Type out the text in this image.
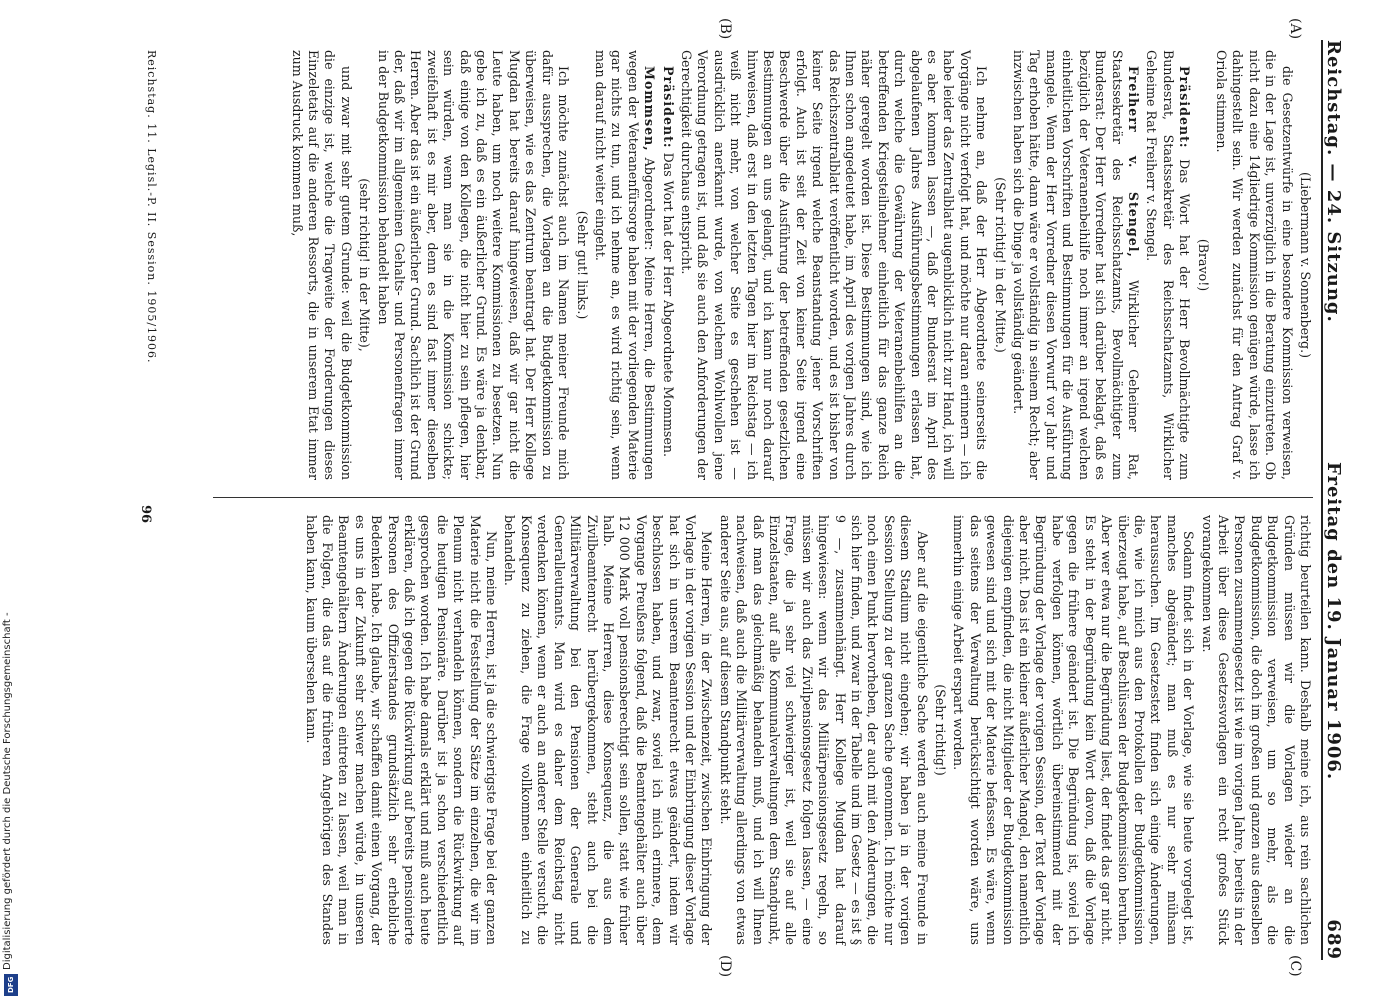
Digitalisierung gefördert durch die Deutsche Forschungsgemeinschaft -
DFG
Reichstag. — 24. Sitzung.
Freitag den 19. Januar 1906.
689
(A)
(B)
(C)
(D)

(Liebermann v. Sonnenberg.)

die Gesetzentwürfe in eine besondere Kommission verweisen, die in der Lage ist, unverzüglich in die Beratung einzutreten. Ob nicht dazu eine 14gliedrige Kommission genügen würde, lasse ich dahingestellt sein. Wir werden zunächst für den Antrag Graf v. Oriola stimmen.

(Bravo!)

Präsident: Das Wort hat der Herr Bevollmächtigte zum Bundesrat, Staatssekretär des Reichsschatzamts, Wirklicher Geheime Rat Freiherr v. Stengel.

Freiherr v. Stengel, Wirklicher Geheimer Rat, Staatssekretär des Reichsschatzamts, Bevollmächtigter zum Bundesrat: Der Herr Vorredner hat sich darüber beklagt, daß es bezüglich der Veteranenbeihilfe noch immer an irgend welchen einheitlichen Vorschriften und Bestimmungen für die Ausführung mangele. Wenn der Herr Vorredner diesen Vorwurf vor Jahr und Tag erhoben hätte, dann wäre er vollständig in seinem Recht; aber inzwischen haben sich die Dinge ja vollständig geändert.

(Sehr richtig! in der Mitte.)

Ich nehme an, daß der Herr Abgeordnete seinerseits die Vorgänge nicht verfolgt hat, und möchte nur daran erinnern — ich habe leider das Zentralblatt augenblicklich nicht zur Hand, ich will es aber kommen lassen —, daß der Bundesrat im April des abgelaufenen Jahres Ausführungsbestimmungen erlassen hat, durch welche die Gewährung der Veteranenbeihilfen an die betreffenden Kriegsteilnehmer einheitlich für das ganze Reich näher geregelt worden ist. Diese Bestimmungen sind, wie ich Ihnen schon angedeutet habe, im April des vorigen Jahres durch das Reichszentralblatt veröffentlicht worden, und es ist bisher von keiner Seite irgend welche Beanstandung jener Vorschriften erfolgt. Auch ist seit der Zeit von keiner Seite irgend eine Beschwerde über die Ausführung der betreffenden gesetzlichen Bestimmungen an uns gelangt, und ich kann nur noch darauf hinweisen, daß erst in den letzten Tagen hier im Reichstag — ich weiß nicht mehr, von welcher Seite es geschehen ist — ausdrücklich anerkannt wurde, von welchem Wohlwollen jene Verordnung getragen ist, und daß sie auch den Anforderungen der Gerechtigkeit durchaus entspricht.

Präsident: Das Wort hat der Herr Abgeordnete Mommsen.

Mommsen, Abgeordneter: Meine Herren, die Bestimmungen wegen der Veteranenfürsorge haben mit der vorliegenden Materie gar nichts zu tun, und ich nehme an, es wird richtig sein, wenn man darauf nicht weiter eingeht.

(Sehr gut! links.)

Ich möchte zunächst auch im Namen meiner Freunde mich dafür aussprechen, die Vorlagen an die Budgetkommission zu überweisen, wie es das Zentrum beantragt hat. Der Herr Kollege Mugdan hat bereits darauf hingewiesen, daß wir gar nicht die Leute haben, um noch weitere Kommissionen zu besetzen. Nun gebe ich zu, daß es ein äußerlicher Grund. Es wäre ja denkbar, daß einige von den Kollegen, die nicht hier zu sein pflegen, hier sein würden, wenn man sie in die Kommission schickte; zweifelhaft ist es mir aber, denn es sind fast immer dieselben Herren. Aber das ist ein äußerlicher Grund. Sachlich ist der Grund der, daß wir im allgemeinen Gehalts- und Personenfragen immer in der Budgetkommission behandelt haben

(sehr richtig! in der Mitte),

und zwar mit sehr gutem Grunde: weil die Budgetkommission die einzige ist, welche die Tragweite der Forderungen dieses Einzeletats auf die anderen Ressorts, die in unserem Etat immer zum Ausdruck kommen muß,

richtig beurteilen kann. Deshalb meine ich, aus rein sachlichen Gründen müssen wir die Vorlagen wieder an die Budgetkommission verweisen, um so mehr, als die Budgetkommission, die doch im großen und ganzen aus denselben Personen zusammengesetzt ist wie im vorigen Jahre, bereits in der Arbeit über diese Gesetzesvorlagen ein recht großes Stück vorangekommen war.

Sodann findet sich in der Vorlage, wie sie heute vorgelegt ist, manches abgeändert; man muß es nur sehr mühsam heraussuchen. Im Gesetzestext finden sich einige Änderungen, die, wie ich mich aus den Protokollen der Budgetkommission überzeugt habe, auf Beschlüssen der Budgetkommission beruhen. Aber wer etwa nur die Begründung liest, der findet das gar nicht. Es steht in der Begründung kein Wort davon, daß die Vorlage gegen die frühere geändert ist. Die Begründung ist, soviel ich habe verfolgen können, wörtlich übereinstimmend mit der Begründung der Vorlage der vorigen Session, der Text der Vorlage aber nicht. Das ist ein kleiner äußerlicher Mangel, den namentlich diejenigen empfinden, die nicht Mitglieder der Budgetkommission gewesen sind und sich mit der Materie befassen. Es wäre, wenn das seitens der Verwaltung berücksichtigt worden wäre, uns immerhin einige Arbeit erspart worden.

(Sehr richtig!)

Aber auf die eigentliche Sache werden auch meine Freunde in diesem Stadium nicht eingehen; wir haben ja in der vorigen Session Stellung zu der ganzen Sache genommen. Ich möchte nur noch einen Punkt hervorheben, der auch mit den Änderungen, die sich hier finden, und zwar in der Tabelle und im Gesetz — es ist § 9 —, zusammenhängt. Herr Kollege Mugdan hat darauf hingewiesen: wenn wir das Militärpensionsgesetz regeln, so müssen wir auch das Zivilpensionsgesetz folgen lassen, — eine Frage, die ja sehr viel schwieriger ist, weil sie auf alle Einzelstaaten, auf alle Kommunalverwaltungen dem Standpunkt, daß man das gleichmäßig behandeln muß, und ich will Ihnen nachweisen, daß auch die Militärverwaltung allerdings von etwas anderer Seite aus, auf diesem Standpunkt steht.

Meine Herren, in der Zwischenzeit, zwischen Einbringung der Vorlage in der vorigen Session und der Einbringung dieser Vorlage hat sich in unserem Beamtenrecht etwas geändert, indem wir beschlossen haben, und zwar, soviel ich mich erinnere, dem Vorgange Preußens folgend, daß die Beamtengehälter auch über 12 000 Mark voll pensionsberechtigt sein sollen, statt wie früher halb. Meine Herren, diese Konsequenz, die aus dem Zivilbeamtenrecht herübergekommen, steht auch bei die Militärverwaltung bei den Pensionen der Generale und Generalleutnants. Man wird es daher dem Reichstag nicht verdenken können, wenn er auch an anderer Stelle versucht, die Konsequenz zu ziehen, die Frage vollkommen einheitlich zu behandeln.

Nun, meine Herren, ist ja die schwierigste Frage bei der ganzen Materie nicht die Feststellung der Sätze im einzelnen, die wir im Plenum nicht verhandeln können, sondern die Rückwirkung auf die heutigen Pensionäre. Darüber ist ja schon verschiedentlich gesprochen worden. Ich habe damals erklärt und muß auch heute erklären, daß ich gegen die Rückwirkung auf bereits pensionierte Personen des Offizierstandes grundsätzlich sehr erhebliche Bedenken habe. Ich glaube, wir schaffen damit einen Vorgang, der es uns in der Zukunft sehr schwer machen würde, in unseren Beamtengehältern Änderungen eintreten zu lassen, weil man in die Folgen, die das auf die früheren Angehörigen des Standes haben kann, kaum übersehen kann.

Reichstag. 11. Legisl.-P. II. Session. 1905/1906.
96
